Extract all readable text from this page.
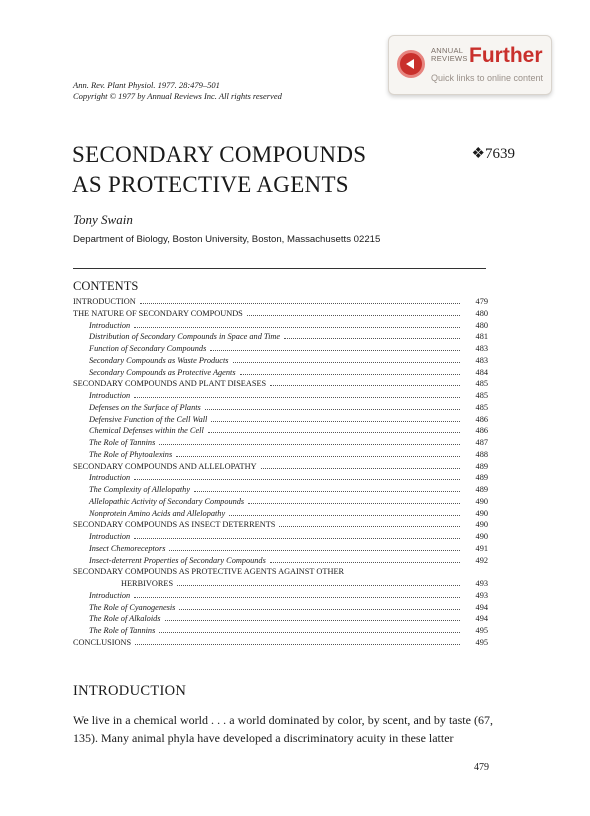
ANNUAL
REVIEWS Further
Quick links to online content
Ann. Rev. Plant Physiol. 1977. 28:479–501
Copyright © 1977 by Annual Reviews Inc. All rights reserved
SECONDARY COMPOUNDS
AS PROTECTIVE AGENTS
❖7639
Tony Swain
Department of Biology, Boston University, Boston, Massachusetts 02215
CONTENTS
INTRODUCTION	479
THE NATURE OF SECONDARY COMPOUNDS	480
Introduction	480
Distribution of Secondary Compounds in Space and Time	481
Function of Secondary Compounds	483
Secondary Compounds as Waste Products	483
Secondary Compounds as Protective Agents	484
SECONDARY COMPOUNDS AND PLANT DISEASES	485
Introduction	485
Defenses on the Surface of Plants	485
Defensive Function of the Cell Wall	486
Chemical Defenses within the Cell	486
The Role of Tannins	487
The Role of Phytoalexins	488
SECONDARY COMPOUNDS AND ALLELOPATHY	489
Introduction	489
The Complexity of Allelopathy	489
Allelopathic Activity of Secondary Compounds	490
Nonprotein Amino Acids and Allelopathy	490
SECONDARY COMPOUNDS AS INSECT DETERRENTS	490
Introduction	490
Insect Chemoreceptors	491
Insect-deterrent Properties of Secondary Compounds	492
SECONDARY COMPOUNDS AS PROTECTIVE AGENTS AGAINST OTHER
HERBIVORES	493
Introduction	493
The Role of Cyanogenesis	494
The Role of Alkaloids	494
The Role of Tannins	495
CONCLUSIONS	495
INTRODUCTION
We live in a chemical world . . . a world dominated by color, by scent, and by taste (67, 135). Many animal phyla have developed a discriminatory acuity in these latter
479
